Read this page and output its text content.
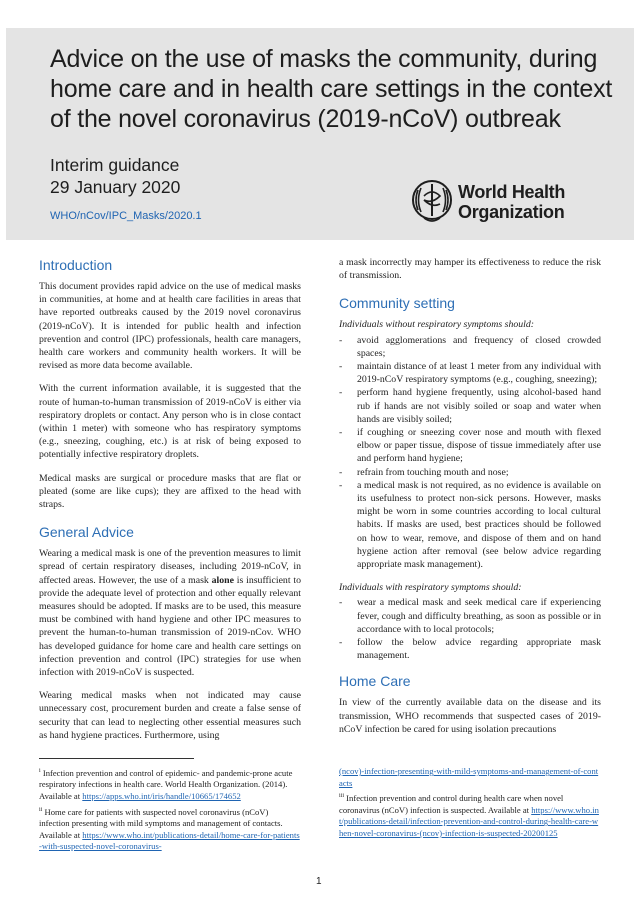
Advice on the use of masks the community, during home care and in health care settings in the context of the novel coronavirus (2019-nCoV) outbreak
Interim guidance
29 January 2020
WHO/nCov/IPC_Masks/2020.1
World Health
Organization
Introduction

This document provides rapid advice on the use of medical masks in communities, at home and at health care facilities in areas that have reported outbreaks caused by the 2019 novel coronavirus (2019-nCoV). It is intended for public health and infection prevention and control (IPC) professionals, health care managers, health care workers and community health workers. It will be revised as more data become available.

With the current information available, it is suggested that the route of human-to-human transmission of 2019-nCoV is either via respiratory droplets or contact. Any person who is in close contact (within 1 meter) with someone who has respiratory symptoms (e.g., sneezing, coughing, etc.) is at risk of being exposed to potentially infective respiratory droplets.

Medical masks are surgical or procedure masks that are flat or pleated (some are like cups); they are affixed to the head with straps.

General Advice

Wearing a medical mask is one of the prevention measures to limit spread of certain respiratory diseases, including 2019-nCoV, in affected areas. However, the use of a mask alone is insufficient to provide the adequate level of protection and other equally relevant measures should be adopted. If masks are to be used, this measure must be combined with hand hygiene and other IPC measures to prevent the human-to-human transmission of 2019-nCov. WHO has developed guidance for home care and health care settings on infection prevention and control (IPC) strategies for use when infection with 2019-nCoV is suspected.

Wearing medical masks when not indicated may cause unnecessary cost, procurement burden and create a false sense of security that can lead to neglecting other essential measures such as hand hygiene practices. Furthermore, using

a mask incorrectly may hamper its effectiveness to reduce the risk of transmission.

Community setting
Individuals without respiratory symptoms should:
- avoid agglomerations and frequency of closed crowded spaces;
- maintain distance of at least 1 meter from any individual with 2019-nCoV respiratory symptoms (e.g., coughing, sneezing);
- perform hand hygiene frequently, using alcohol-based hand rub if hands are not visibly soiled or soap and water when hands are visibly soiled;
- if coughing or sneezing cover nose and mouth with flexed elbow or paper tissue, dispose of tissue immediately after use and perform hand hygiene;
- refrain from touching mouth and nose;
- a medical mask is not required, as no evidence is available on its usefulness to protect non-sick persons. However, masks might be worn in some countries according to local cultural habits. If masks are used, best practices should be followed on how to wear, remove, and dispose of them and on hand hygiene action after removal (see below advice regarding appropriate mask management).
Individuals with respiratory symptoms should:
- wear a medical mask and seek medical care if experiencing fever, cough and difficulty breathing, as soon as possible or in accordance with to local protocols;
- follow the below advice regarding appropriate mask management.
Home Care

In view of the currently available data on the disease and its transmission, WHO recommends that suspected cases of 2019-nCoV infection be cared for using isolation precautions

$^i$ Infection prevention and control of epidemic- and pandemic-prone acute respiratory infections in health care. World Health Organization. (2014). Available at https://apps.who.int/iris/handle/10665/174652
$^{ii}$ Home care for patients with suspected novel coronavirus (nCoV) infection presenting with mild symptoms and management of contacts. Available at https://www.who.int/publications-detail/home-care-for-patients-with-suspected-novel-coronavirus-
(ncov)-infection-presenting-with-mild-symptoms-and-management-of-contacts
$^{iii}$ Infection prevention and control during health care when novel coronavirus (nCoV) infection is suspected. Available at https://www.who.int/publications-detail/infection-prevention-and-control-during-health-care-when-novel-coronavirus-(ncov)-infection-is-suspected-20200125
1
